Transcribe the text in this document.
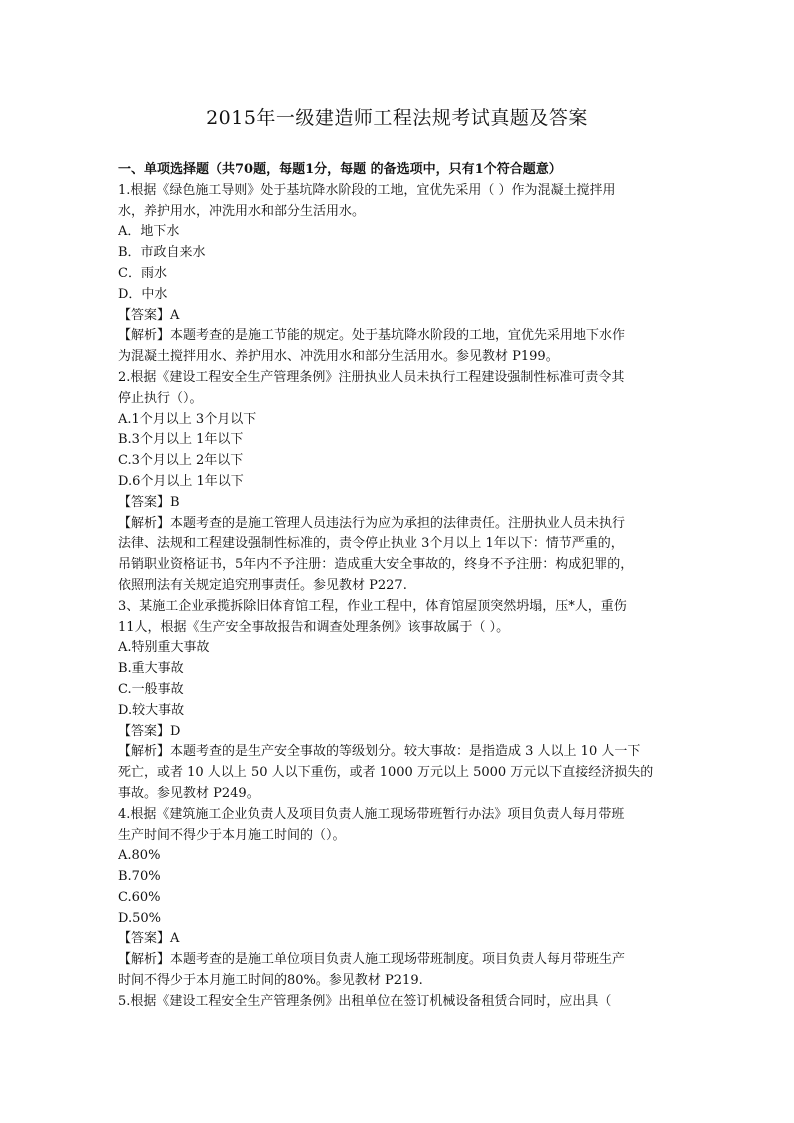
2015年一级建造师工程法规考试真题及答案
一、单项选择题（共70题，每题1分，每题 的备选项中，只有1个符合题意）
1.根据《绿色施工导则》处于基坑降水阶段的工地，宜优先采用（ ）作为混凝土搅拌用
水，养护用水，冲洗用水和部分生活用水。
A．地下水
B．市政自来水
C．雨水
D．中水
【答案】A
【解析】本题考查的是施工节能的规定。处于基坑降水阶段的工地，宜优先采用地下水作
为混凝土搅拌用水、养护用水、冲洗用水和部分生活用水。参见教材 P199。
2.根据《建设工程安全生产管理条例》注册执业人员未执行工程建设强制性标准可责令其
停止执行（）。
A.1个月以上 3个月以下
B.3个月以上 1年以下
C.3个月以上 2年以下
D.6个月以上 1年以下
【答案】B
【解析】本题考查的是施工管理人员违法行为应为承担的法律责任。注册执业人员未执行
法律、法规和工程建设强制性标准的，责令停止执业 3个月以上 1年以下：情节严重的，
吊销职业资格证书，5年内不予注册：造成重大安全事故的，终身不予注册：构成犯罪的，
依照刑法有关规定追究刑事责任。参见教材 P227.
3、某施工企业承揽拆除旧体育馆工程，作业工程中，体育馆屋顶突然坍塌，压*人，重伤
11人，根据《生产安全事故报告和调查处理条例》该事故属于（ ）。
A.特别重大事故
B.重大事故
C.一般事故
D.较大事故
【答案】D
【解析】本题考查的是生产安全事故的等级划分。较大事故：是指造成 3 人以上 10 人一下
死亡，或者 10 人以上 50 人以下重伤，或者 1000 万元以上 5000 万元以下直接经济损失的
事故。参见教材 P249。
4.根据《建筑施工企业负责人及项目负责人施工现场带班暂行办法》项目负责人每月带班
生产时间不得少于本月施工时间的（）。
A.80%
B.70%
C.60%
D.50%
【答案】A
【解析】本题考查的是施工单位项目负责人施工现场带班制度。项目负责人每月带班生产
时间不得少于本月施工时间的80%。参见教材 P219.
5.根据《建设工程安全生产管理条例》出租单位在签订机械设备租赁合同时，应出具（
